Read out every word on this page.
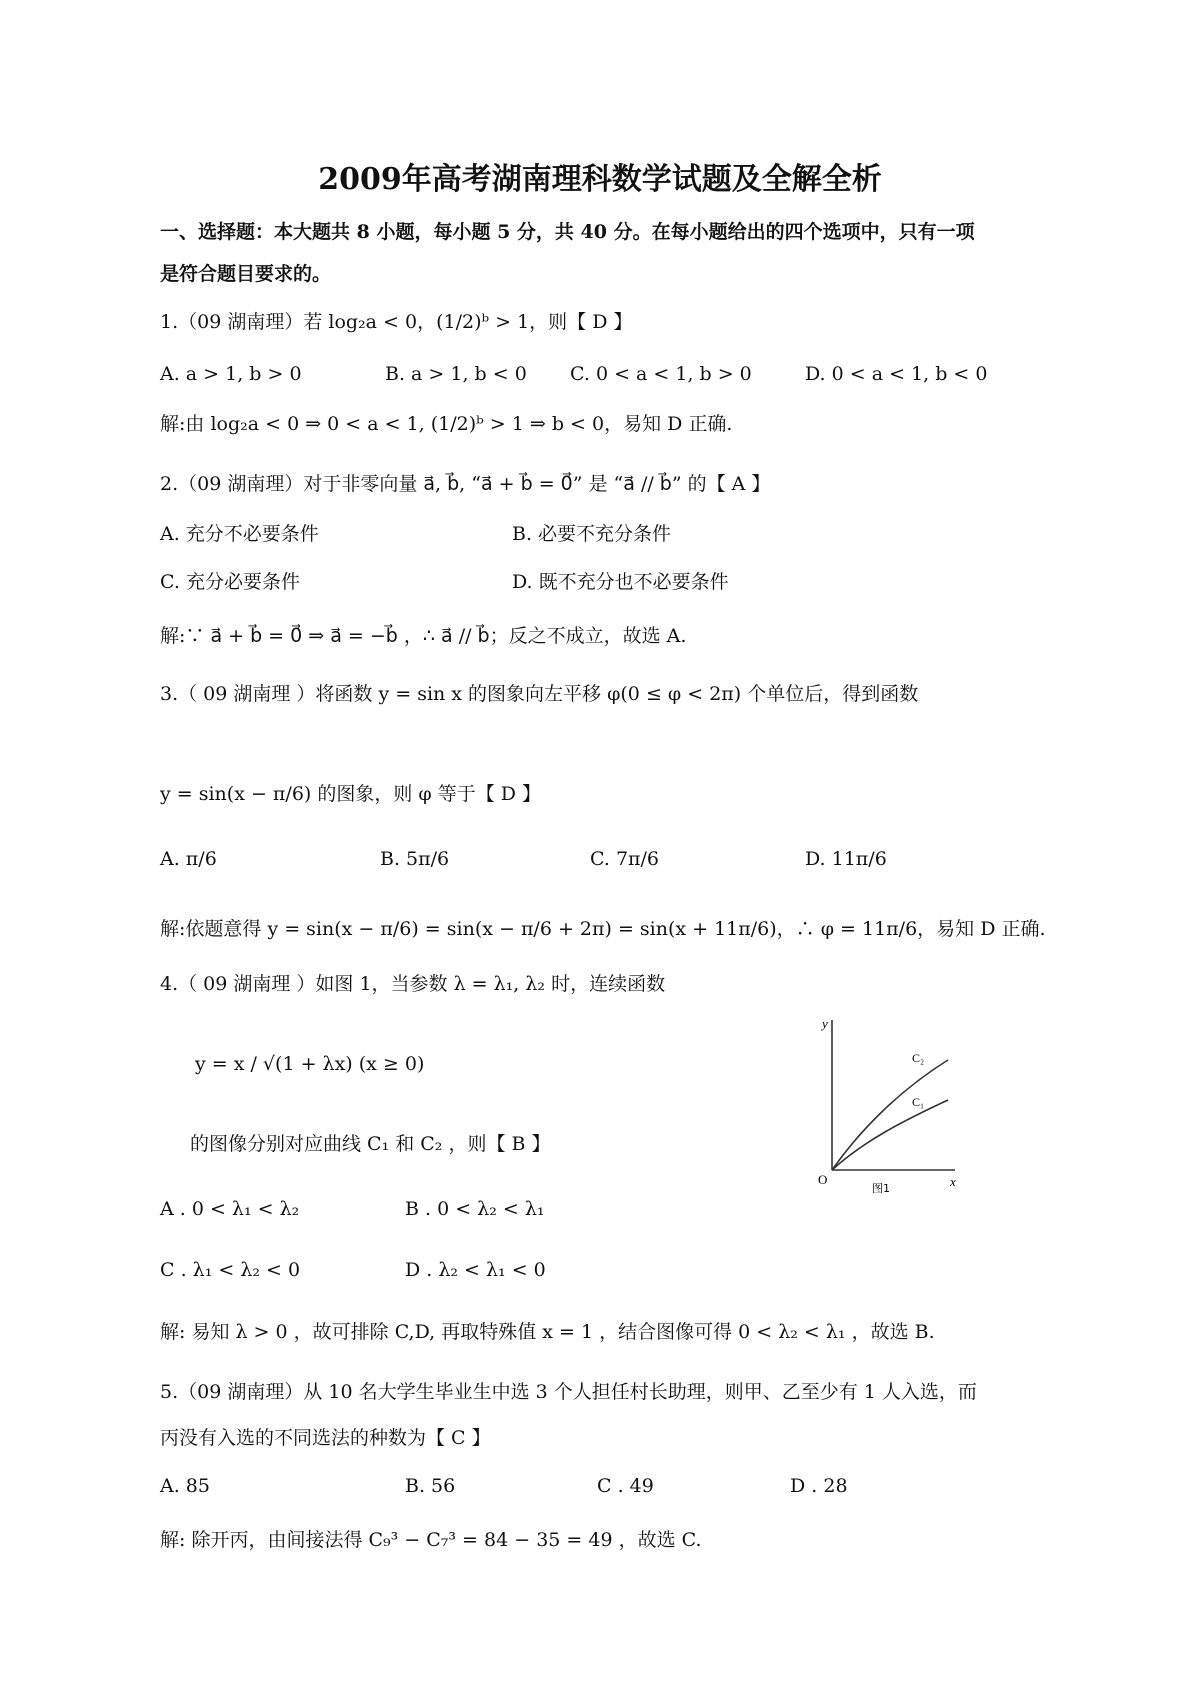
2009年高考湖南理科数学试题及全解全析
一、选择题：本大题共 8 小题，每小题 5 分，共 40 分。在每小题给出的四个选项中，只有一项
是符合题目要求的。
1.（09 湖南理）若 log₂a < 0，(1/2)ᵇ > 1，则【 D 】
A. a > 1, b > 0	B. a > 1, b < 0 C. 0 < a < 1, b > 0	D. 0 < a < 1, b < 0
解:由 log₂a < 0 ⇒ 0 < a < 1, (1/2)ᵇ > 1 ⇒ b < 0，易知 D 正确.
2.（09 湖南理）对于非零向量 a⃗, b⃗, “a⃗ + b⃗ = 0⃗” 是 “a⃗ // b⃗” 的【 A 】
A. 充分不必要条件	B. 必要不充分条件
C. 充分必要条件	D. 既不充分也不必要条件
解:∵ a⃗ + b⃗ = 0⃗ ⇒ a⃗ = −b⃗ ，∴ a⃗ // b⃗；反之不成立，故选 A.
3.（ 09 湖南理 ）将函数 y = sin x 的图象向左平移 φ(0 ≤ φ < 2π) 个单位后，得到函数
y = sin(x − π/6) 的图象，则 φ 等于【 D 】
A. π/6	B. 5π/6	C. 7π/6	D. 11π/6
解:依题意得 y = sin(x − π/6) = sin(x − π/6 + 2π) = sin(x + 11π/6)，∴ φ = 11π/6，易知 D 正确.
4.（ 09 湖南理 ）如图 1，当参数 λ = λ₁, λ₂ 时，连续函数
y = x / √(1 + λx) (x ≥ 0)
的图像分别对应曲线 C₁ 和 C₂ ，则【 B 】
y
x
O
C₂
C₁
图1
A . 0 < λ₁ < λ₂	B . 0 < λ₂ < λ₁
C . λ₁ < λ₂ < 0	D . λ₂ < λ₁ < 0
解: 易知 λ > 0 ，故可排除 C,D, 再取特殊值 x = 1 ，结合图像可得 0 < λ₂ < λ₁ ，故选 B.
5.（09 湖南理）从 10 名大学生毕业生中选 3 个人担任村长助理，则甲、乙至少有 1 人入选，而
丙没有入选的不同选法的种数为【 C 】
A. 85	B. 56	C . 49	D . 28
解: 除开丙，由间接法得 C₉³ − C₇³ = 84 − 35 = 49 ，故选 C.
